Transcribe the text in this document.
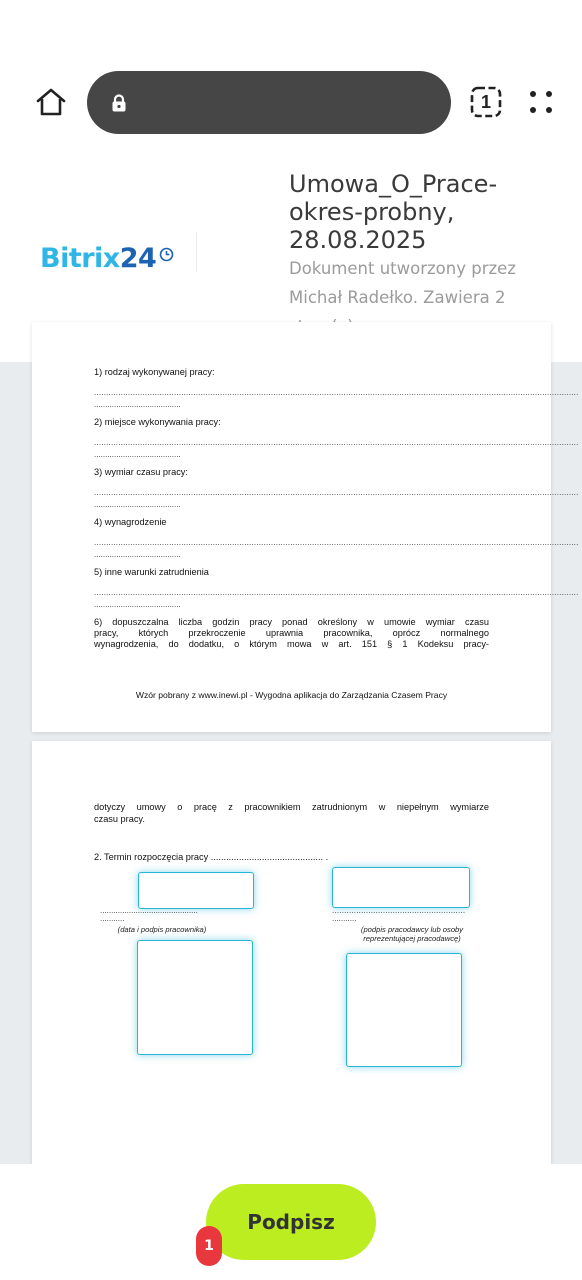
1
Bitrix24
Umowa_O_Prace-okres-probny, 28.08.2025
Dokument utworzony przez Michał Radełko. Zawiera 2
1) rodzaj wykonywanej pracy:
........................................................................................................................................................................................................
.......................................
2) miejsce wykonywania pracy:
........................................................................................................................................................................................................
.......................................
3) wymiar czasu pracy:
........................................................................................................................................................................................................
.......................................
4) wynagrodzenie
........................................................................................................................................................................................................
.......................................
5) inne warunki zatrudnienia
........................................................................................................................................................................................................
.......................................
6) dopuszczalna liczba godzin pracy ponad określony w umowie wymiar czasu
pracy, których przekroczenie uprawnia pracownika, oprócz normalnego
wynagrodzenia, do dodatku, o którym mowa w art. 151 § 1 Kodeksu pracy-
Wzór pobrany z www.inewi.pl - Wygodna aplikacja do Zarządzania Czasem Pracy
dotyczy umowy o pracę z pracownikiem zatrudnionym w niepełnym wymiarze
czasu pracy.
2. Termin rozpoczęcia pracy ............................................ .
............................................
...........
(data i podpis pracownika)
.......................................................
...........
(podpis pracodawcy lub osoby
reprezentującej pracodawcę)
Podpisz
1
